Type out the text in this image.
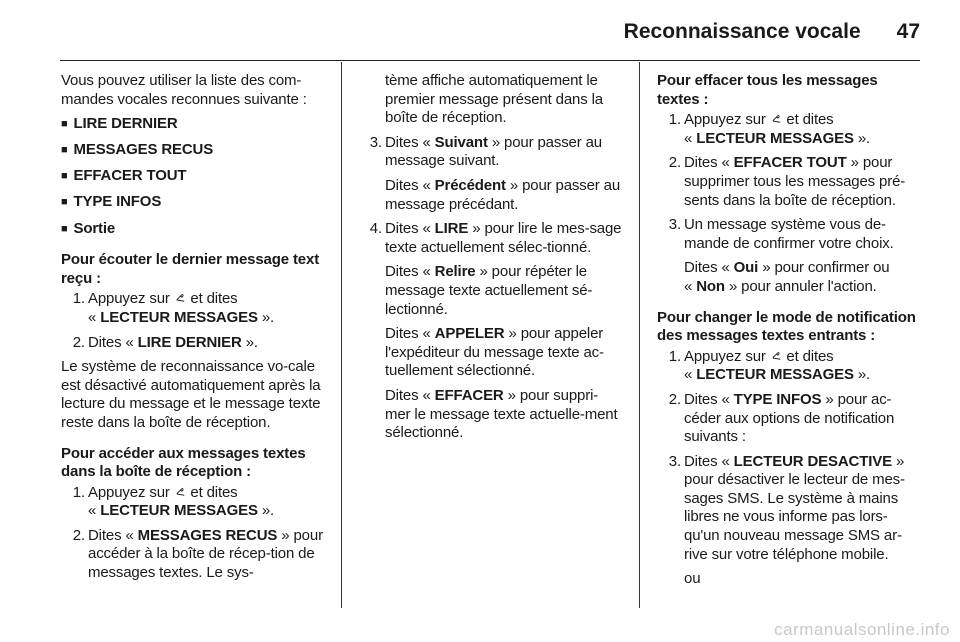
Reconnaissance vocale 47

Vous pouvez utiliser la liste des com-mandes vocales reconnues suivante :

■ LIRE DERNIER
■ MESSAGES RECUS
■ EFFACER TOUT
■ TYPE INFOS
■ Sortie
Pour écouter le dernier message text reçu :
1. Appuyez sur ᕙ et dites
« LECTEUR MESSAGES ».
2. Dites « LIRE DERNIER ».

Le système de reconnaissance vo-cale est désactivé automatiquement après la lecture du message et le message texte reste dans la boîte de réception.

Pour accéder aux messages textes dans la boîte de réception :
1. Appuyez sur ᕙ et dites
« LECTEUR MESSAGES ».
2. Dites « MESSAGES RECUS » pour accéder à la boîte de récep-tion de messages textes. Le sys-

tème affiche automatiquement le premier message présent dans la boîte de réception.

3. Dites « Suivant » pour passer au message suivant.

Dites « Précédent » pour passer au message précédant.

4. Dites « LIRE » pour lire le mes-sage texte actuellement sélec-tionné.

Dites « Relire » pour répéter le message texte actuellement sé-lectionné.

Dites « APPELER » pour appeler l'expéditeur du message texte ac-tuellement sélectionné.

Dites « EFFACER » pour suppri-mer le message texte actuelle-ment sélectionné.

Pour effacer tous les messages textes :
1. Appuyez sur ᕙ et dites
« LECTEUR MESSAGES ».
2. Dites « EFFACER TOUT » pour supprimer tous les messages pré-sents dans la boîte de réception.
3. Un message système vous de-mande de confirmer votre choix.

Dites « Oui » pour confirmer ou

« Non » pour annuler l'action.

Pour changer le mode de notification des messages textes entrants :
1. Appuyez sur ᕙ et dites
« LECTEUR MESSAGES ».
2. Dites « TYPE INFOS » pour ac-céder aux options de notification suivants :
3. Dites « LECTEUR DESACTIVE » pour désactiver le lecteur de mes-sages SMS. Le système à mains libres ne vous informe pas lors-qu'un nouveau message SMS ar-rive sur votre téléphone mobile.

ou

carmanualsonline.info
